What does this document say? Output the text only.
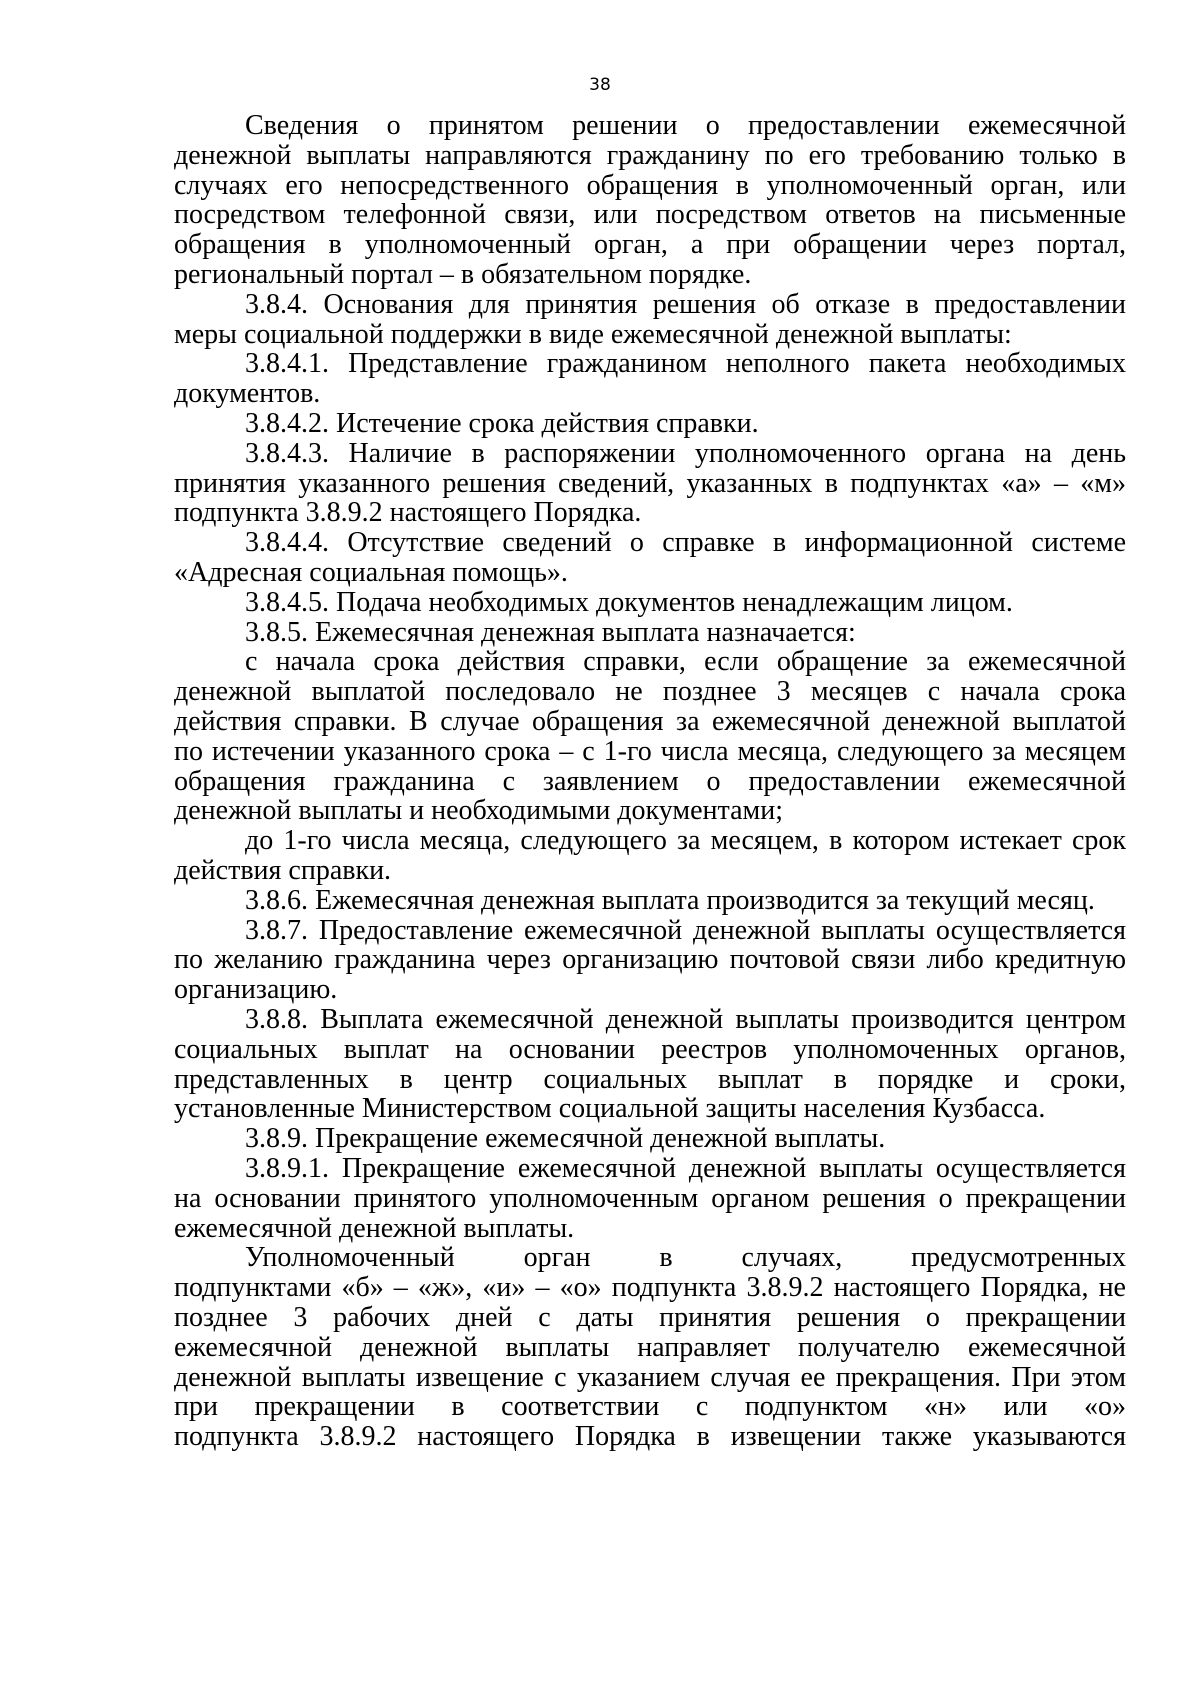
38
Сведения о принятом решении о предоставлении ежемесячной
денежной выплаты направляются гражданину по его требованию только в
случаях его непосредственного обращения в уполномоченный орган, или
посредством телефонной связи, или посредством ответов на письменные
обращения в уполномоченный орган, а при обращении через портал,
региональный портал – в обязательном порядке.
3.8.4. Основания для принятия решения об отказе в предоставлении
меры социальной поддержки в виде ежемесячной денежной выплаты:
3.8.4.1. Представление гражданином неполного пакета необходимых
документов.
3.8.4.2. Истечение срока действия справки.
3.8.4.3. Наличие в распоряжении уполномоченного органа на день
принятия указанного решения сведений, указанных в подпунктах «а» – «м»
подпункта 3.8.9.2 настоящего Порядка.
3.8.4.4. Отсутствие сведений о справке в информационной системе
«Адресная социальная помощь».
3.8.4.5. Подача необходимых документов ненадлежащим лицом.
3.8.5. Ежемесячная денежная выплата назначается:
с начала срока действия справки, если обращение за ежемесячной
денежной выплатой последовало не позднее 3 месяцев с начала срока
действия справки. В случае обращения за ежемесячной денежной выплатой
по истечении указанного срока – с 1-го числа месяца, следующего за месяцем
обращения гражданина с заявлением о предоставлении ежемесячной
денежной выплаты и необходимыми документами;
до 1-го числа месяца, следующего за месяцем, в котором истекает срок
действия справки.
3.8.6. Ежемесячная денежная выплата производится за текущий месяц.
3.8.7. Предоставление ежемесячной денежной выплаты осуществляется
по желанию гражданина через организацию почтовой связи либо кредитную
организацию.
3.8.8. Выплата ежемесячной денежной выплаты производится центром
социальных выплат на основании реестров уполномоченных органов,
представленных в центр социальных выплат в порядке и сроки,
установленные Министерством социальной защиты населения Кузбасса.
3.8.9. Прекращение ежемесячной денежной выплаты.
3.8.9.1. Прекращение ежемесячной денежной выплаты осуществляется
на основании принятого уполномоченным органом решения о прекращении
ежемесячной денежной выплаты.
Уполномоченный орган в случаях, предусмотренных
подпунктами «б» – «ж», «и» – «о» подпункта 3.8.9.2 настоящего Порядка, не
позднее 3 рабочих дней с даты принятия решения о прекращении
ежемесячной денежной выплаты направляет получателю ежемесячной
денежной выплаты извещение с указанием случая ее прекращения. При этом
при прекращении в соответствии с подпунктом «н» или «о»
подпункта 3.8.9.2 настоящего Порядка в извещении также указываются
